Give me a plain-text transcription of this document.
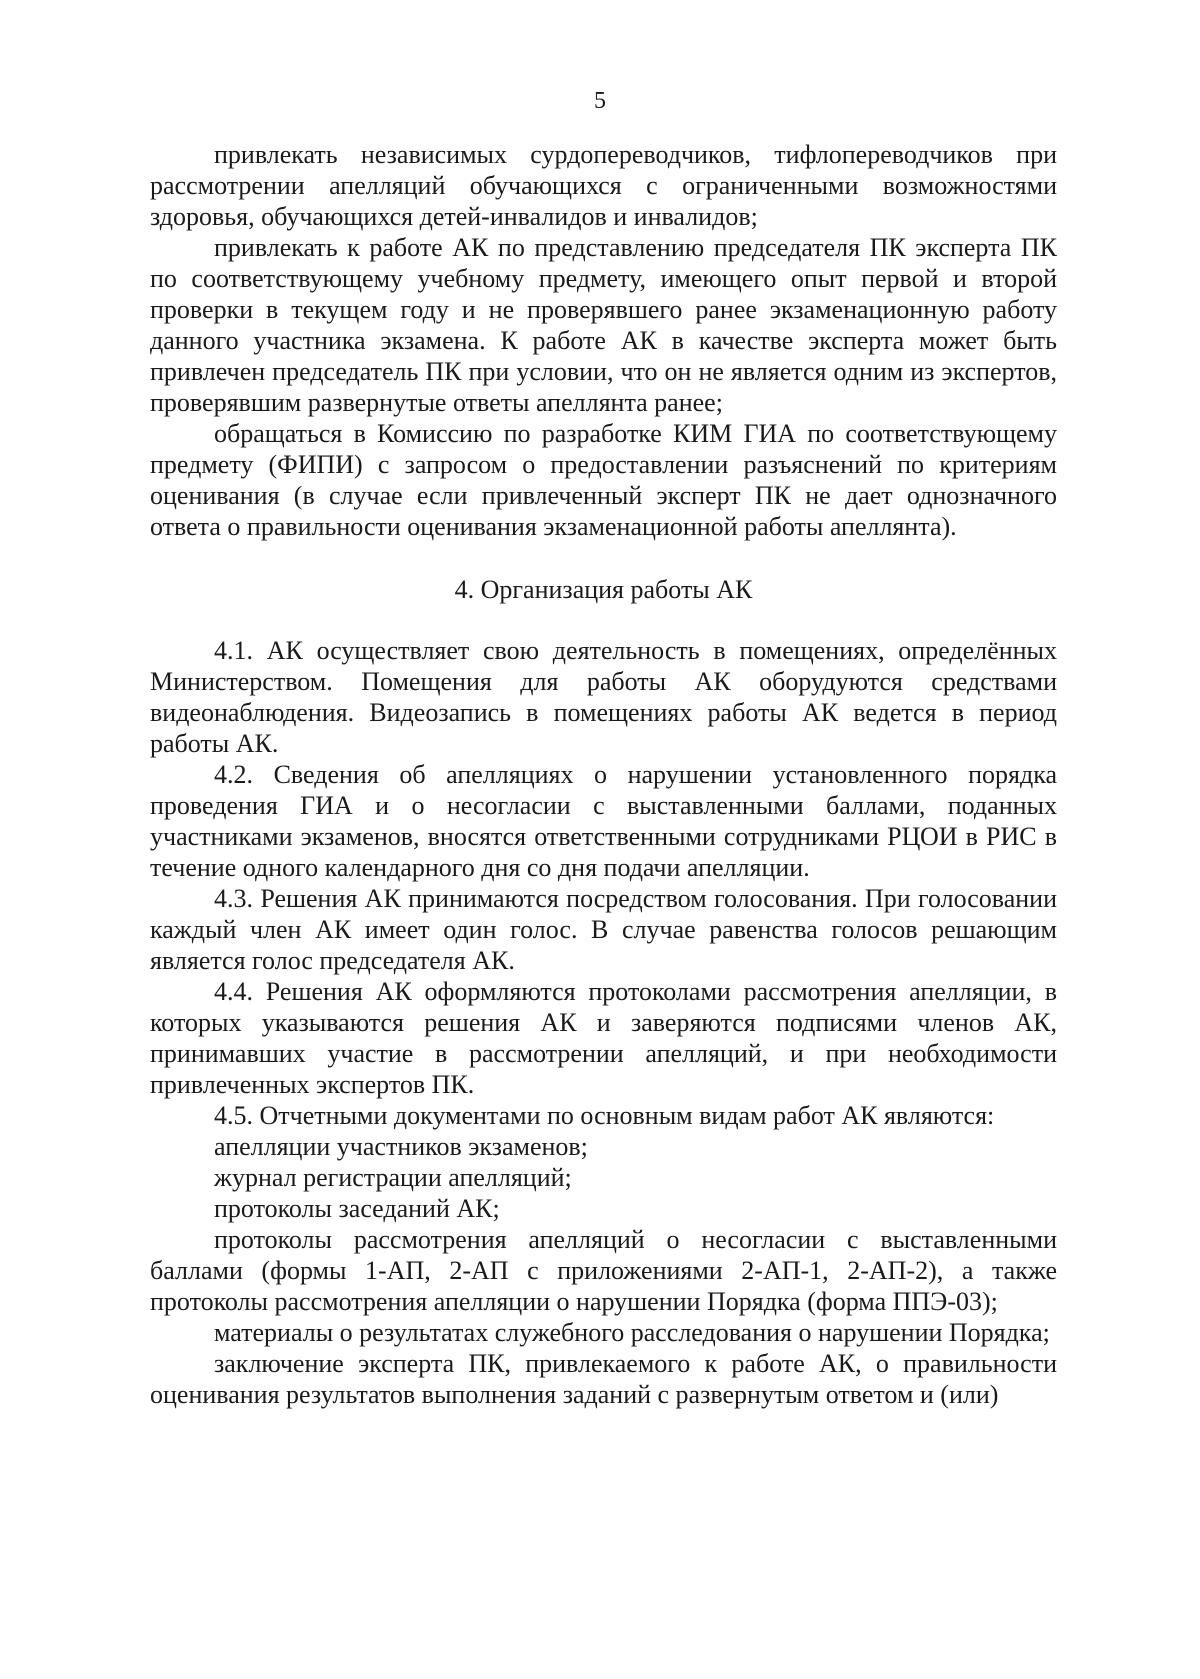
5

привлекать независимых сурдопереводчиков, тифлопереводчиков при рассмотрении апелляций обучающихся с ограниченными возможностями здоровья, обучающихся детей-инвалидов и инвалидов;

привлекать к работе АК по представлению председателя ПК эксперта ПК по соответствующему учебному предмету, имеющего опыт первой и второй проверки в текущем году и не проверявшего ранее экзаменационную работу данного участника экзамена. К работе АК в качестве эксперта может быть привлечен председатель ПК при условии, что он не является одним из экспертов, проверявшим развернутые ответы апеллянта ранее;

обращаться в Комиссию по разработке КИМ ГИА по соответствующему предмету (ФИПИ) с запросом о предоставлении разъяснений по критериям оценивания (в случае если привлеченный эксперт ПК не дает однозначного ответа о правильности оценивания экзаменационной работы апеллянта).

4. Организация работы АК

4.1. АК осуществляет свою деятельность в помещениях, определённых Министерством. Помещения для работы АК оборудуются средствами видеонаблюдения. Видеозапись в помещениях работы АК ведется в период работы АК.

4.2. Сведения об апелляциях о нарушении установленного порядка проведения ГИА и о несогласии с выставленными баллами, поданных участниками экзаменов, вносятся ответственными сотрудниками РЦОИ в РИС в течение одного календарного дня со дня подачи апелляции.

4.3. Решения АК принимаются посредством голосования. При голосовании каждый член АК имеет один голос. В случае равенства голосов решающим является голос председателя АК.

4.4. Решения АК оформляются протоколами рассмотрения апелляции, в которых указываются решения АК и заверяются подписями членов АК, принимавших участие в рассмотрении апелляций, и при необходимости привлеченных экспертов ПК.

4.5. Отчетными документами по основным видам работ АК являются:

апелляции участников экзаменов;

журнал регистрации апелляций;

протоколы заседаний АК;

протоколы рассмотрения апелляций о несогласии с выставленными баллами (формы 1-АП, 2-АП с приложениями 2-АП-1, 2-АП-2), а также протоколы рассмотрения апелляции о нарушении Порядка (форма ППЭ-03);

материалы о результатах служебного расследования о нарушении Порядка;

заключение эксперта ПК, привлекаемого к работе АК, о правильности оценивания результатов выполнения заданий с развернутым ответом и (или)
